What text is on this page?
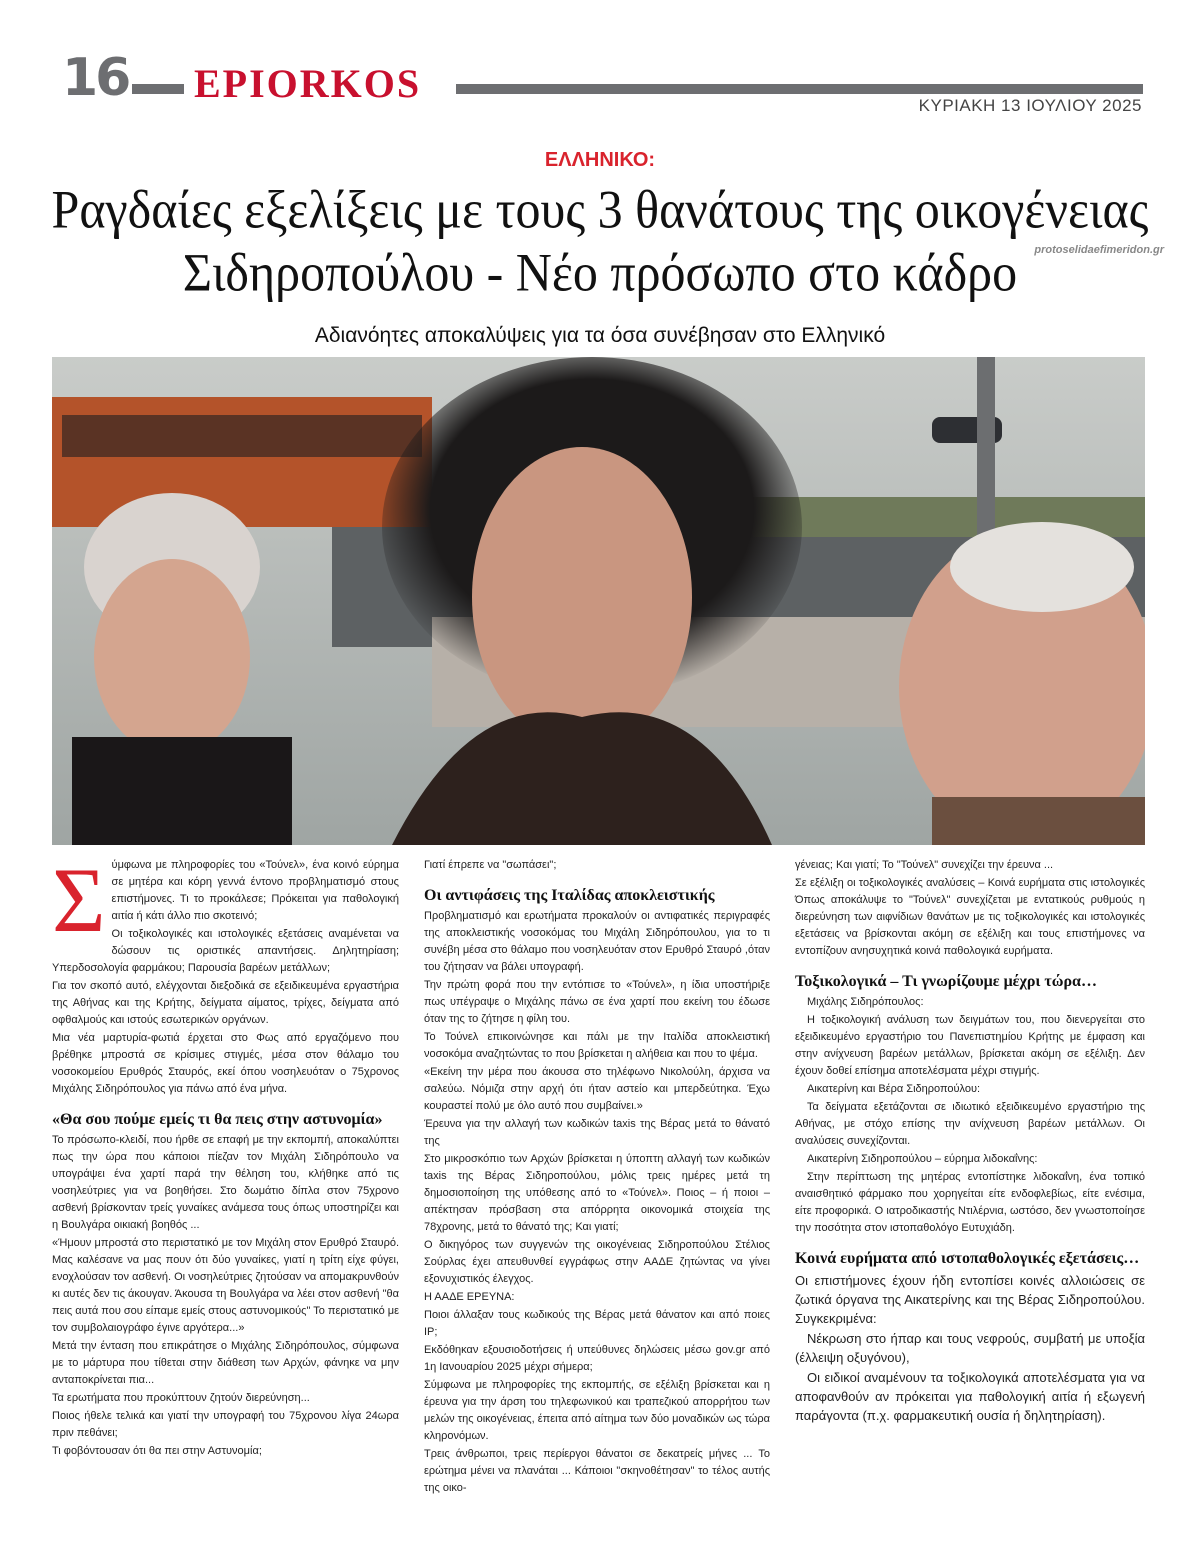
16 EPIORKOS	ΚΥΡΙΑΚΗ 13 ΙΟΥΛΙΟΥ 2025
ΕΛΛΗΝΙΚΟ:
Ραγδαίες εξελίξεις με τους 3 θανάτους της οικογένειας
Σιδηροπούλου - Νέο πρόσωπο στο κάδρο	protoselidaefimeridon.gr
Αδιανόητες αποκαλύψεις για τα όσα συνέβησαν στο Ελληνικό
Σ ύμφωνα με πληροφορίες του «Τούνελ», ένα κοινό εύρημα σε μητέρα και κόρη γεννά έντονο προβληματισμό στους επιστήμονες. Τι το προκάλεσε; Πρόκειται για παθολογική αιτία ή κάτι άλλο πιο σκοτεινό;

Οι τοξικολογικές και ιστολογικές εξετάσεις αναμένεται να δώσουν τις οριστικές απαντήσεις. Δηλητηρίαση; Υπερδοσολογία φαρμάκου; Παρουσία βαρέων μετάλλων;

Για τον σκοπό αυτό, ελέγχονται διεξοδικά σε εξειδικευμένα εργαστήρια της Αθήνας και της Κρήτης, δείγματα αίματος, τρίχες, δείγματα από οφθαλμούς και ιστούς εσωτερικών οργάνων.

Μια νέα μαρτυρία-φωτιά έρχεται στο Φως από εργαζόμενο που βρέθηκε μπροστά σε κρίσιμες στιγμές, μέσα στον θάλαμο του νοσοκομείου Ερυθρός Σταυρός, εκεί όπου νοσηλευόταν ο 75χρονος Μιχάλης Σιδηρόπουλος για πάνω από ένα μήνα.

«Θα σου πούμε εμείς τι θα πεις στην αστυνομία»

Το πρόσωπο-κλειδί, που ήρθε σε επαφή με την εκπομπή, αποκαλύπτει πως την ώρα που κάποιοι πίεζαν τον Μιχάλη Σιδηρόπουλο να υπογράψει ένα χαρτί παρά την θέληση του, κλήθηκε από τις νοσηλεύτριες για να βοηθήσει. Στο δωμάτιο δίπλα στον 75χρονο ασθενή βρίσκονταν τρείς γυναίκες ανάμεσα τους όπως υποστηρίζει και η Βουλγάρα οικιακή βοηθός ...

«Ήμουν μπροστά στο περιστατικό με τον Μιχάλη στον Ερυθρό Σταυρό. Μας καλέσανε να μας πουν ότι δύο γυναίκες, γιατί η τρίτη είχε φύγει, ενοχλούσαν τον ασθενή. Οι νοσηλεύτριες ζητούσαν να απομακρυνθούν κι αυτές δεν τις άκουγαν. Άκουσα τη Βουλγάρα να λέει στον ασθενή "θα πεις αυτά που σου είπαμε εμείς στους αστυνομικούς" Το περιστατικό με τον συμβολαιογράφο έγινε αργότερα...»

Μετά την ένταση που επικράτησε ο Μιχάλης Σιδηρόπουλος, σύμφωνα με το μάρτυρα που τίθεται στην διάθεση των Αρχών, φάνηκε να μην ανταποκρίνεται πια...

Τα ερωτήματα που προκύπτουν ζητούν διερεύνηση...

Ποιος ήθελε τελικά και γιατί την υπογραφή του 75χρονου λίγα 24ωρα πριν πεθάνει;

Τι φοβόντουσαν ότι θα πει στην Αστυνομία;

Γιατί έπρεπε να "σωπάσει";

Οι αντιφάσεις της Ιταλίδας αποκλειστικής

Προβληματισμό και ερωτήματα προκαλούν οι αντιφατικές περιγραφές της αποκλειστικής νοσοκόμας του Μιχάλη Σιδηρόπουλου, για το τι συνέβη μέσα στο θάλαμο που νοσηλευόταν στον Ερυθρό Σταυρό ,όταν του ζήτησαν να βάλει υπογραφή.

Την πρώτη φορά που την εντόπισε το «Τούνελ», η ίδια υποστήριξε πως υπέγραψε ο Μιχάλης πάνω σε ένα χαρτί που εκείνη του έδωσε όταν της το ζήτησε η φίλη του.

Το Τούνελ επικοινώνησε και πάλι με την Ιταλίδα αποκλειστική νοσοκόμα αναζητώντας το που βρίσκεται η αλήθεια και που το ψέμα.

«Εκείνη την μέρα που άκουσα στο τηλέφωνο Νικολούλη, άρχισα να σαλεύω. Νόμιζα στην αρχή ότι ήταν αστείο και μπερδεύτηκα. Έχω κουραστεί πολύ με όλο αυτό που συμβαίνει.»

Έρευνα για την αλλαγή των κωδικών taxis της Βέρας μετά το θάνατό της

Στο μικροσκόπιο των Αρχών βρίσκεται η ύποπτη αλλαγή των κωδικών taxis της Βέρας Σιδηροπούλου, μόλις τρεις ημέρες μετά τη δημοσιοποίηση της υπόθεσης από το «Τούνελ». Ποιος – ή ποιοι – απέκτησαν πρόσβαση στα απόρρητα οικονομικά στοιχεία της 78χρονης, μετά το θάνατό της; Και γιατί;

Ο δικηγόρος των συγγενών της οικογένειας Σιδηροπούλου Στέλιος Σούρλας έχει απευθυνθεί εγγράφως στην ΑΑΔΕ ζητώντας να γίνει εξονυχιστικός έλεγχος.

Η ΑΑΔΕ ΕΡΕΥΝΑ:

Ποιοι άλλαξαν τους κωδικούς της Βέρας μετά θάνατον και από ποιες IP;

Εκδόθηκαν εξουσιοδοτήσεις ή υπεύθυνες δηλώσεις μέσω gov.gr από 1η Ιανουαρίου 2025 μέχρι σήμερα;

Σύμφωνα με πληροφορίες της εκπομπής, σε εξέλιξη βρίσκεται και η έρευνα για την άρση του τηλεφωνικού και τραπεζικού απορρήτου των μελών της οικογένειας, έπειτα από αίτημα των δύο μοναδικών ως τώρα κληρονόμων.

Τρεις άνθρωποι, τρεις περίεργοι θάνατοι σε δεκατρείς μήνες ... Το ερώτημα μένει να πλανάται ... Κάποιοι "σκηνοθέτησαν" το τέλος αυτής της οικο-

γένειας; Και γιατί; Το "Τούνελ" συνεχίζει την έρευνα ...

Σε εξέλιξη οι τοξικολογικές αναλύσεις – Κοινά ευρήματα στις ιστολογικές Όπως αποκάλυψε το "Τούνελ" συνεχίζεται με εντατικούς ρυθμούς η διερεύνηση των αιφνίδιων θανάτων με τις τοξικολογικές και ιστολογικές εξετάσεις να βρίσκονται ακόμη σε εξέλιξη και τους επιστήμονες να εντοπίζουν ανησυχητικά κοινά παθολογικά ευρήματα.

Τοξικολογικά – Τι γνωρίζουμε μέχρι τώρα…

Μιχάλης Σιδηρόπουλος:

Η τοξικολογική ανάλυση των δειγμάτων του, που διενεργείται στο εξειδικευμένο εργαστήριο του Πανεπιστημίου Κρήτης με έμφαση και στην ανίχνευση βαρέων μετάλλων, βρίσκεται ακόμη σε εξέλιξη. Δεν έχουν δοθεί επίσημα αποτελέσματα μέχρι στιγμής.

Αικατερίνη και Βέρα Σιδηροπούλου:

Τα δείγματα εξετάζονται σε ιδιωτικό εξειδικευμένο εργαστήριο της Αθήνας, με στόχο επίσης την ανίχνευση βαρέων μετάλλων. Οι αναλύσεις συνεχίζονται.

Αικατερίνη Σιδηροπούλου – εύρημα λιδοκαΐνης:

Στην περίπτωση της μητέρας εντοπίστηκε λιδοκαΐνη, ένα τοπικό αναισθητικό φάρμακο που χορηγείται είτε ενδοφλεβίως, είτε ενέσιμα, είτε προφορικά. Ο ιατροδικαστής Ντιλέρνια, ωστόσο, δεν γνωστοποίησε την ποσότητα στον ιστοπαθολόγο Ευτυχιάδη.

Κοινά ευρήματα από ιστοπαθολογικές εξετάσεις…

Οι επιστήμονες έχουν ήδη εντοπίσει κοινές αλλοιώσεις σε ζωτικά όργανα της Αικατερίνης και της Βέρας Σιδηροπούλου. Συγκεκριμένα:

Νέκρωση στο ήπαρ και τους νεφρούς, συμβατή με υποξία (έλλειψη οξυγόνου),

Οι ειδικοί αναμένουν τα τοξικολογικά αποτελέσματα για να αποφανθούν αν πρόκειται για παθολογική αιτία ή εξωγενή παράγοντα (π.χ. φαρμακευτική ουσία ή δηλητηρίαση).
